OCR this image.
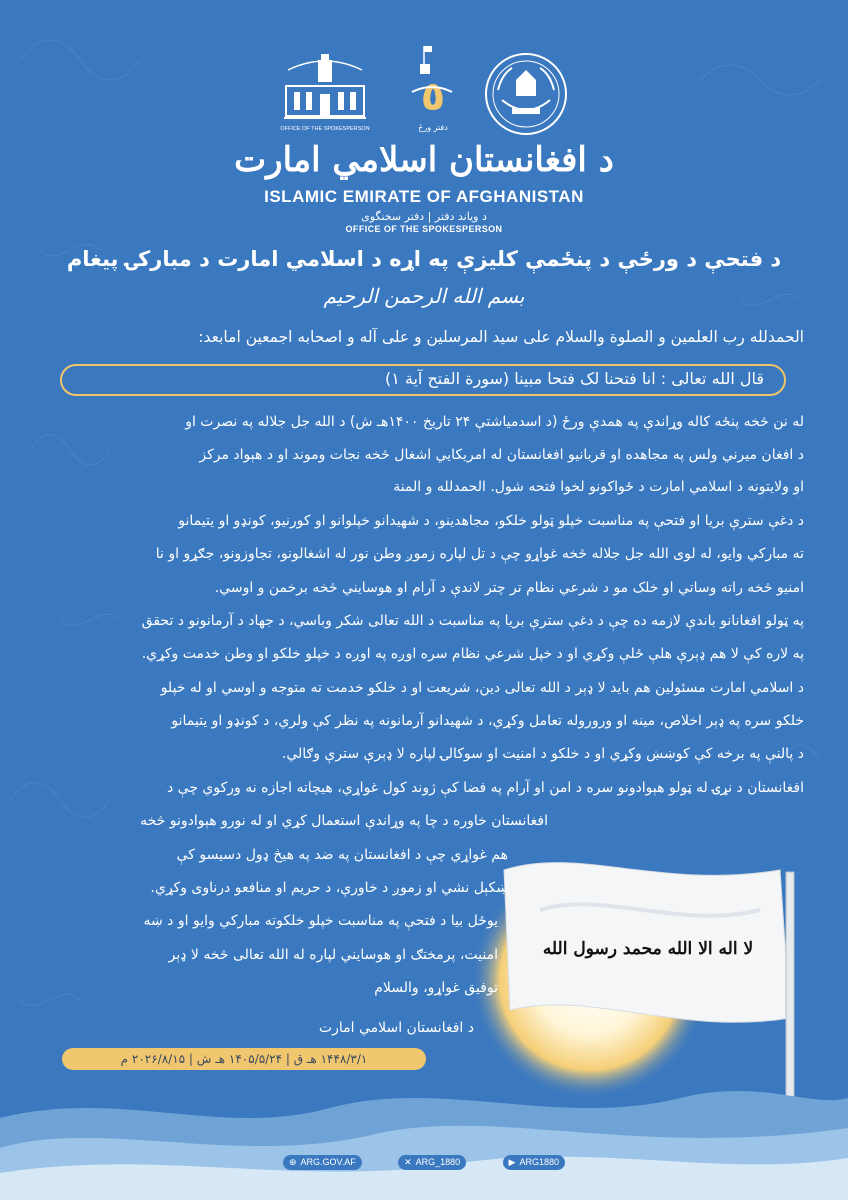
OFFICE OF THE SPOKESPERSON
٥
دفتر ورځ
د افغانستان اسلامي امارت
ISLAMIC EMIRATE OF AFGHANISTAN
د ویاند دفتر | دفتر سخنگوی
OFFICE OF THE SPOKESPERSON
د فتحې د ورځې د پنځمې کلیزې په اړه د اسلامي امارت د مبارکۍ پیغام
بسم الله الرحمن الرحيم
الحمدلله رب العلمين و الصلوة والسلام على سيد المرسلين و على آله و اصحابه اجمعين امابعد:
قال الله تعالی : انا فتحنا لک فتحا مبینا (سورة الفتح آیة ۱)
لا اله الا الله محمد رسول الله
له نن څخه پنځه کاله وړاندې په همدې ورځ (د اسدمیاشتې ۲۴ تاریخ ۱۴۰۰هـ ش) د الله جل جلاله په نصرت او
د افغان میرني ولس په مجاهده او قربانیو افغانستان له امریکایي اشغال څخه نجات وموند او د هېواد مرکز
او ولایتونه د اسلامي امارت د ځواکونو لخوا فتحه شول. الحمدلله و المنة
د دغې سترې بریا او فتحې په مناسبت خپلو ټولو خلکو، مجاهدینو، د شهیدانو خپلوانو او کورنیو، کونډو او یتیمانو
ته مبارکي وایو، له لوی الله جل جلاله څخه غواړو چې د تل لپاره زموږ وطن نور له اشغالونو، تجاوزونو، جګړو او نا
امنیو څخه راته وساتي او خلک مو د شرعي نظام تر چتر لاندې د آرام او هوسایني څخه برخمن و اوسي.
په ټولو افغانانو باندې لازمه ده چې د دغې سترې بریا په مناسبت د الله تعالی شکر وباسي، د جهاد د آرمانونو د تحقق
په لاره کې لا هم ډېرې هلې ځلې وکړي او د خپل شرعي نظام سره اوږه په اوږه د خپلو خلکو او وطن خدمت وکړي.
د اسلامي امارت مسئولین هم باید لا ډېر د الله تعالی دین، شریعت او د خلکو خدمت ته متوجه و اوسي او له خپلو
خلکو سره په ډېر اخلاص، مینه او وروروله تعامل وکړي، د شهیدانو آرمانونه په نظر کې ولري، د کونډو او یتیمانو
د پالنې په برخه کې کوښښ وکړي او د خلکو د امنیت او سوکالۍ لپاره لا ډېرې سترې وګالي.
افغانستان د نړۍ له ټولو هېوادونو سره د امن او آرام په فضا کې ژوند کول غواړي، هیچاته اجازه نه ورکوي چې د
افغانستان خاوره د چا په وړاندې استعمال کړي او له نورو هېوادونو څخه
هم غواړي چې د افغانستان په ضد په هیڅ ډول دسیسو کې
ښکېل نشي او زموږ د خاورې، د حریم او منافعو درناوی وکړي.
یوځل بیا د فتحې په مناسبت خپلو خلکوته مبارکي وایو او د ښه
امنیت، پرمختګ او هوسایني لپاره له الله تعالی څخه لا ډېر
توفیق غواړو، والسلام
د افغانستان اسلامي امارت
۱۴۴۸/۳/۱ هـ ق | ۱۴۰۵/۵/۲۴ هـ ش | ۲۰۲۶/۸/۱۵ م
⊕ ARG.GOV.AF	✕ ARG_1880	▶ ARG1880
